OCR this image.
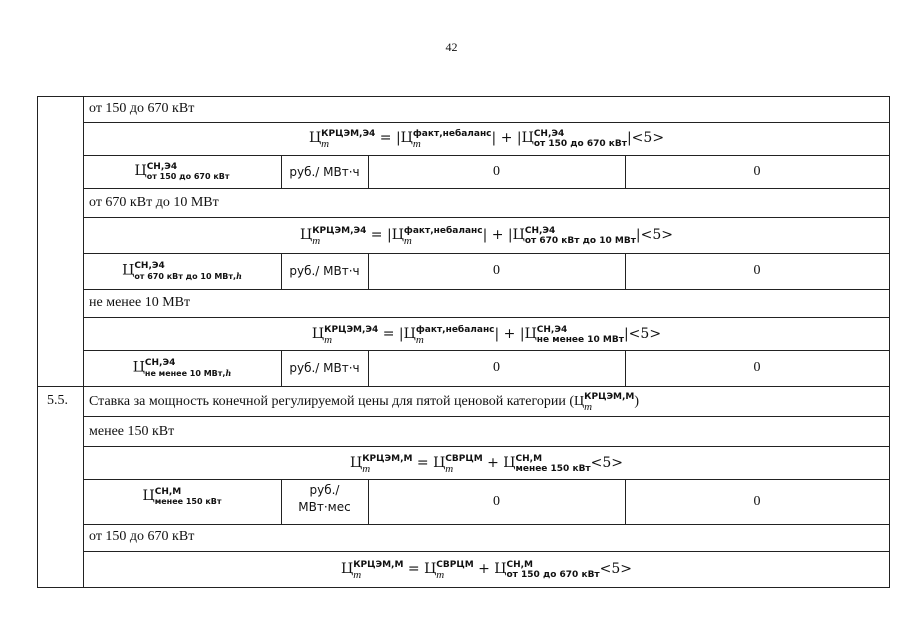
42
от 150 до 670 кВт
Ц КРЦЭМ,Э4
m	= |Ц факт,небаланс
m	| + |Ц СН,Э4
от 150 до 670 кВт |<5>
Ц СН,Э4
от 150 до 670 кВт	руб./ МВт·ч	0	0
от 670 кВт до 10 МВт
Ц КРЦЭМ,Э4
m	= |Ц факт,небаланс
m	| + |Ц СН,Э4
от 670 кВт до 10 МВт |<5>
Ц СН,Э4
от 670 кВт до 10 МВт,h	руб./ МВт·ч	0	0
не менее 10 МВт
Ц КРЦЭМ,Э4
m	= |Ц факт,небаланс
m	| + |Ц СН,Э4
не менее 10 МВт |<5>
Ц СН,Э4
не менее 10 МВт,h	руб./ МВт·ч	0	0
5.5. Ставка за мощность конечной регулируемой цены для пятой ценовой категории (Ц КРЦЭМ,М
m	)
менее 150 кВт
Ц КРЦЭМ,М
m	= Ц СВРЦМ
m	+ Ц СН,М
менее 150 кВт <5>
Ц СН,М
менее 150 кВт
руб./
МВт·мес	0	0
от 150 до 670 кВт
Ц КРЦЭМ,М
m	= Ц СВРЦМ
m	+ Ц СН,М
от 150 до 670 кВт <5>
